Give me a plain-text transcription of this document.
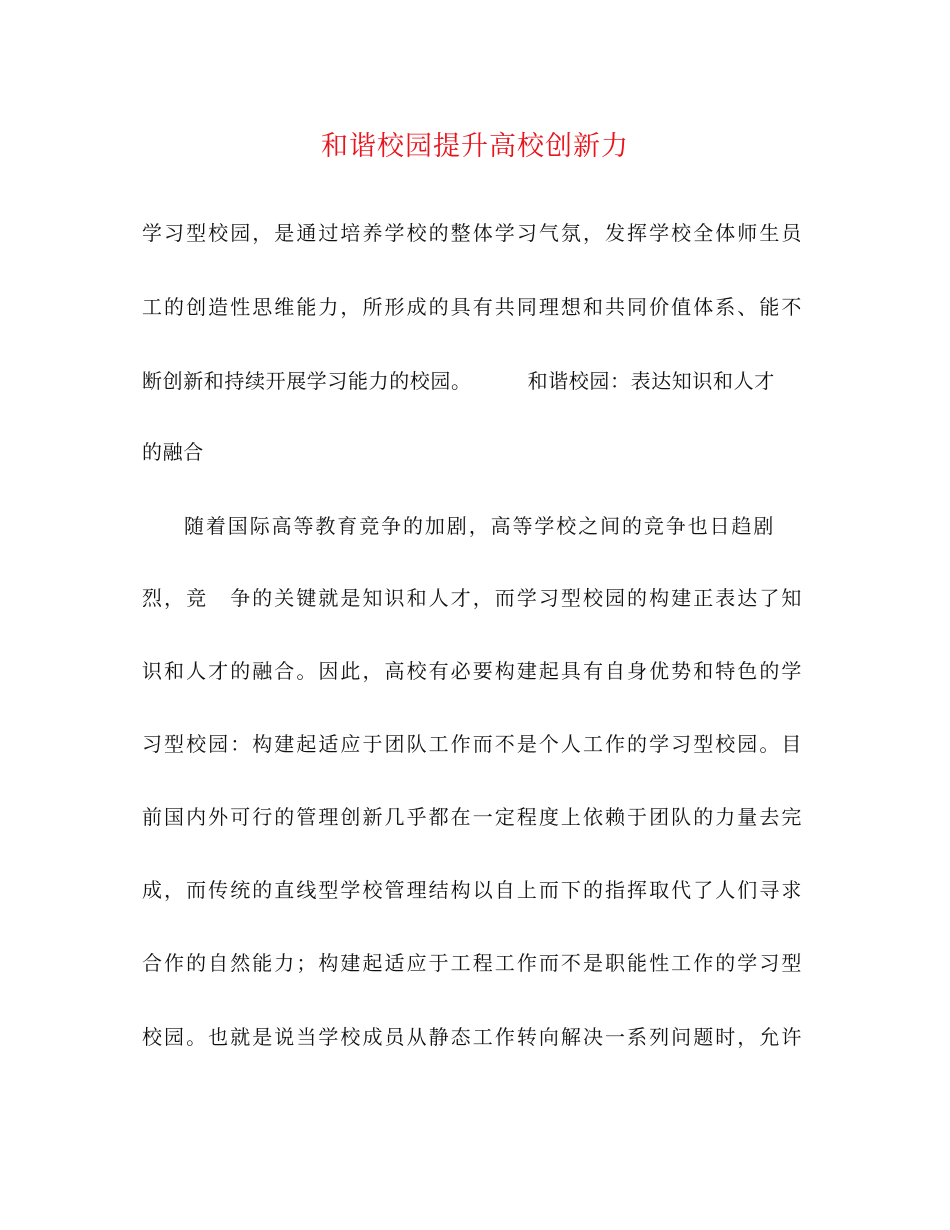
和谐校园提升高校创新力
学习型校园，是通过培养学校的整体学习气氛，发挥学校全体师生员
工的创造性思维能力，所形成的具有共同理想和共同价值体系、能不
断创新和持续开展学习能力的校园。	和谐校园：表达知识和人才
的融合
随着国际高等教育竞争的加剧，高等学校之间的竞争也日趋剧
烈，竞　争的关键就是知识和人才，而学习型校园的构建正表达了知
识和人才的融合。因此，高校有必要构建起具有自身优势和特色的学
习型校园：构建起适应于团队工作而不是个人工作的学习型校园。目
前国内外可行的管理创新几乎都在一定程度上依赖于团队的力量去完
成，而传统的直线型学校管理结构以自上而下的指挥取代了人们寻求
合作的自然能力；构建起适应于工程工作而不是职能性工作的学习型
校园。也就是说当学校成员从静态工作转向解决一系列问题时，允许
